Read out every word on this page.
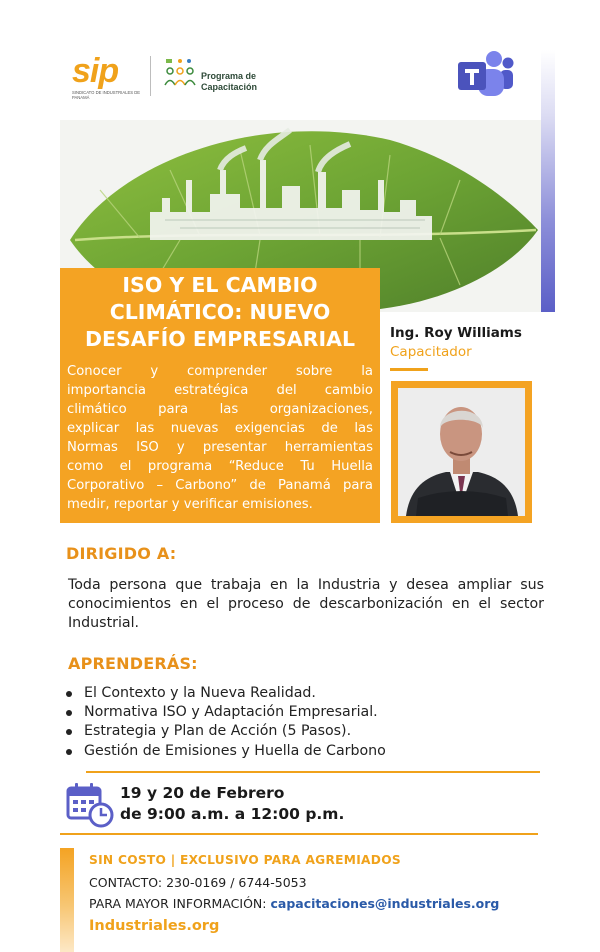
sip
SINDICATO DE INDUSTRIALES DE PANAMÁ
Programa de
Capacitación
ISO Y EL CAMBIO
CLIMÁTICO: NUEVO
DESAFÍO EMPRESARIAL
Conocer y comprender sobre la
importancia estratégica del cambio
climático para las organizaciones,
explicar las nuevas exigencias de las
Normas ISO y presentar herramientas
como el programa “Reduce Tu Huella
Corporativo – Carbono” de Panamá para
medir, reportar y verificar emisiones.
Ing. Roy Williams
Capacitador
DIRIGIDO A:
Toda persona que trabaja en la Industria y desea ampliar sus
conocimientos en el proceso de descarbonización en el sector
Industrial.
APRENDERÁS:
El Contexto y la Nueva Realidad.
Normativa ISO y Adaptación Empresarial.
Estrategia y Plan de Acción (5 Pasos).
Gestión de Emisiones y Huella de Carbono
19 y 20 de Febrero
de 9:00 a.m. a 12:00 p.m.
SIN COSTO | EXCLUSIVO PARA AGREMIADOS
CONTACTO: 230-0169 / 6744-5053
PARA MAYOR INFORMACIÓN: capacitaciones@industriales.org
Industriales.org
